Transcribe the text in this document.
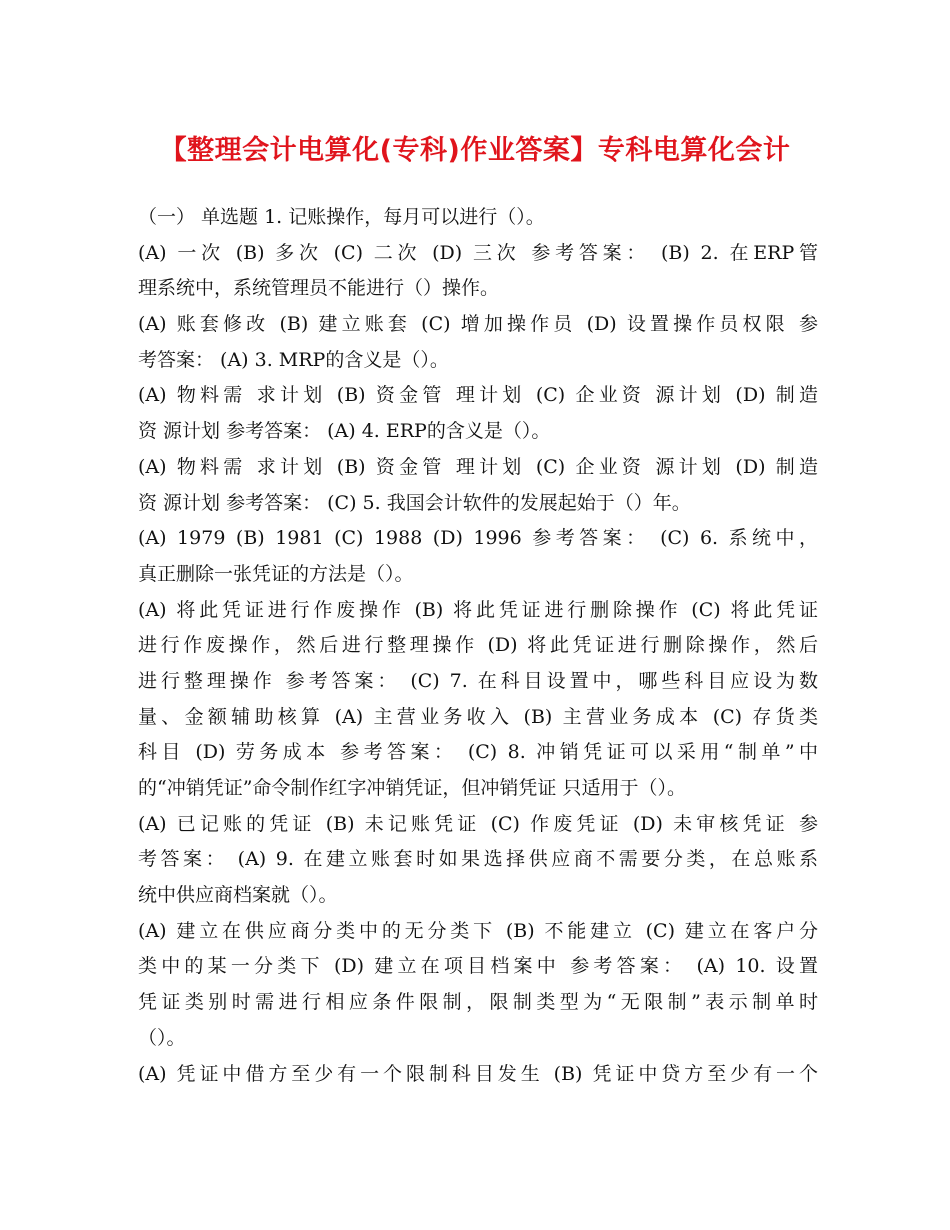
【整理会计电算化(专科)作业答案】专科电算化会计
（一） 单选题 1. 记账操作，每月可以进行（）。
(A) 一次 (B) 多次 (C) 二次 (D) 三次 参考答案： (B) 2. 在ERP管
理系统中，系统管理员不能进行（）操作。
(A) 账套修改 (B) 建立账套 (C) 增加操作员 (D) 设置操作员权限 参
考答案： (A) 3. MRP的含义是（）。
(A) 物料需 求计划 (B) 资金管 理计划 (C) 企业资 源计划 (D) 制造
资 源计划 参考答案： (A) 4. ERP的含义是（）。
(A) 物料需 求计划 (B) 资金管 理计划 (C) 企业资 源计划 (D) 制造
资 源计划 参考答案： (C) 5. 我国会计软件的发展起始于（）年。
(A) 1979 (B) 1981 (C) 1988 (D) 1996 参考答案： (C) 6. 系统中，
真正删除一张凭证的方法是（）。
(A) 将此凭证进行作废操作 (B) 将此凭证进行删除操作 (C) 将此凭证
进行作废操作，然后进行整理操作 (D) 将此凭证进行删除操作，然后
进行整理操作 参考答案： (C) 7. 在科目设置中，哪些科目应设为数
量、金额辅助核算 (A) 主营业务收入 (B) 主营业务成本 (C) 存货类
科目 (D) 劳务成本 参考答案： (C) 8. 冲销凭证可以采用“制单”中
的“冲销凭证”命令制作红字冲销凭证，但冲销凭证 只适用于（）。
(A) 已记账的凭证 (B) 未记账凭证 (C) 作废凭证 (D) 未审核凭证 参
考答案： (A) 9. 在建立账套时如果选择供应商不需要分类，在总账系
统中供应商档案就（）。
(A) 建立在供应商分类中的无分类下 (B) 不能建立 (C) 建立在客户分
类中的某一分类下 (D) 建立在项目档案中 参考答案： (A) 10. 设置
凭证类别时需进行相应条件限制，限制类型为“无限制”表示制单时
（）。
(A) 凭证中借方至少有一个限制科目发生 (B) 凭证中贷方至少有一个
